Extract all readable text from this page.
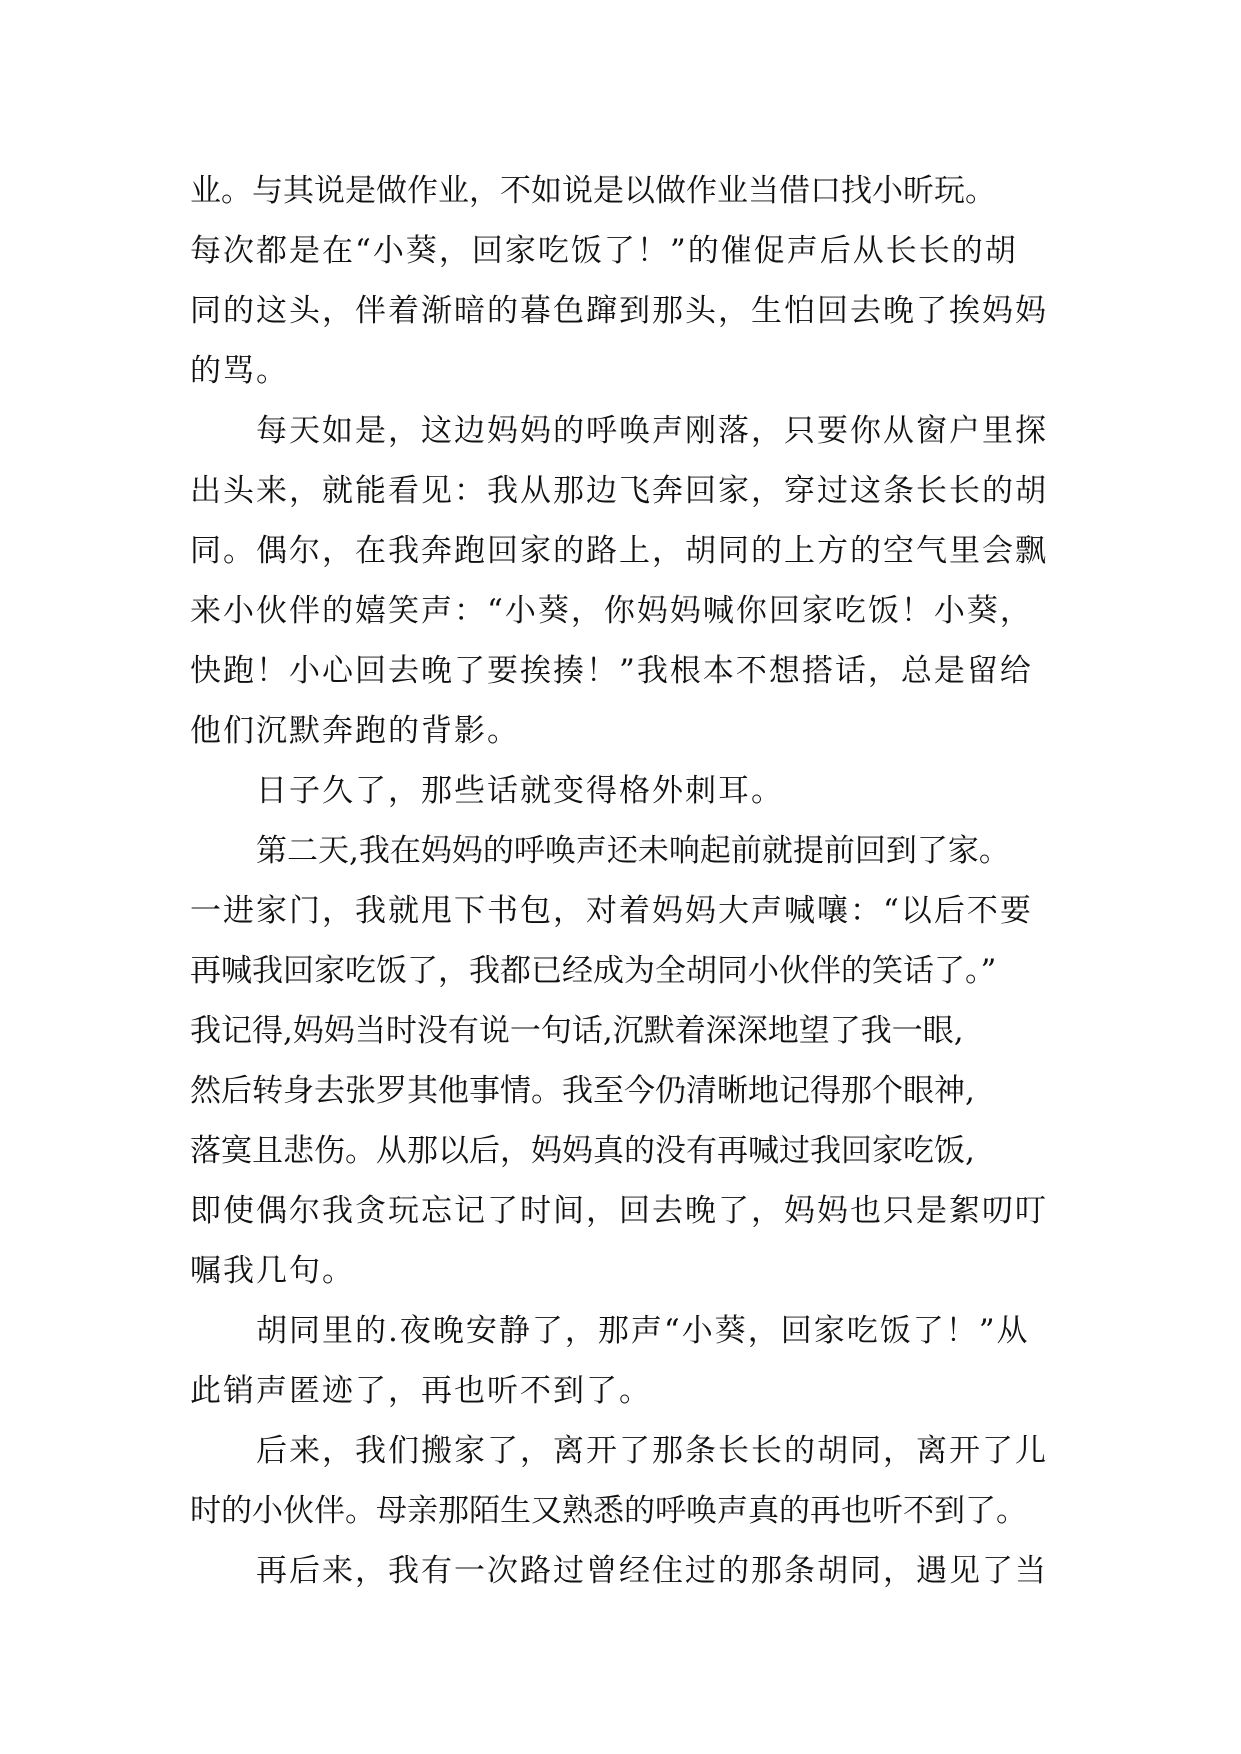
业。与其说是做作业，不如说是以做作业当借口找小昕玩。
每次都是在“小葵，回家吃饭了！”的催促声后从长长的胡
同的这头，伴着渐暗的暮色蹿到那头，生怕回去晚了挨妈妈
的骂。
每天如是，这边妈妈的呼唤声刚落，只要你从窗户里探
出头来，就能看见：我从那边飞奔回家，穿过这条长长的胡
同。偶尔，在我奔跑回家的路上，胡同的上方的空气里会飘
来小伙伴的嬉笑声：“小葵，你妈妈喊你回家吃饭！小葵，
快跑！小心回去晚了要挨揍！”我根本不想搭话，总是留给
他们沉默奔跑的背影。
日子久了，那些话就变得格外刺耳。
第二天,我在妈妈的呼唤声还未响起前就提前回到了家。
一进家门，我就甩下书包，对着妈妈大声喊嚷：“以后不要
再喊我回家吃饭了，我都已经成为全胡同小伙伴的笑话了。”
我记得,妈妈当时没有说一句话,沉默着深深地望了我一眼,
然后转身去张罗其他事情。我至今仍清晰地记得那个眼神,
落寞且悲伤。从那以后，妈妈真的没有再喊过我回家吃饭,
即使偶尔我贪玩忘记了时间，回去晚了，妈妈也只是絮叨叮
嘱我几句。
胡同里的.夜晚安静了，那声“小葵，回家吃饭了！”从
此销声匿迹了，再也听不到了。
后来，我们搬家了，离开了那条长长的胡同，离开了儿
时的小伙伴。母亲那陌生又熟悉的呼唤声真的再也听不到了。
再后来，我有一次路过曾经住过的那条胡同，遇见了当
